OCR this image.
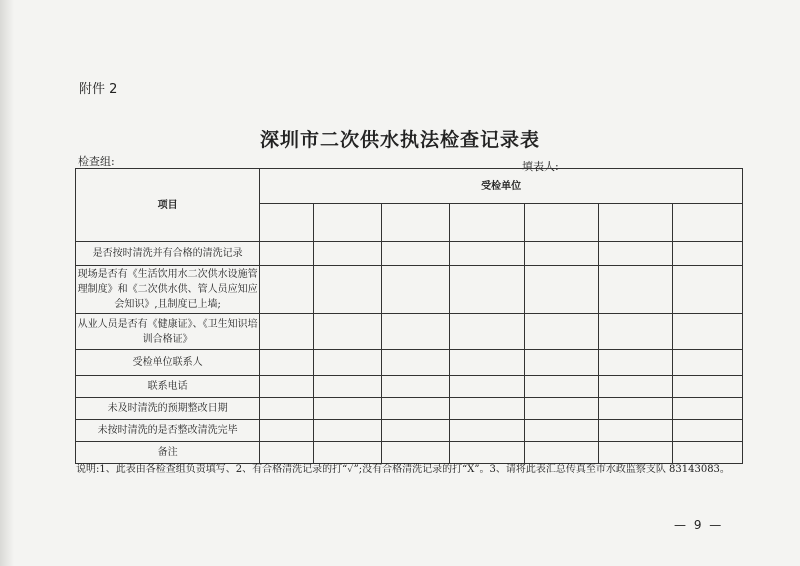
附件 2
深圳市二次供水执法检查记录表
检查组:	填表人:
项目	受检单位						

是否按时清洗并有合格的清洗记录							
现场是否有《生活饮用水二次供水设施管理制度》和《二次供水供、管人员应知应会知识》,且制度已上墙;							
从业人员是否有《健康证》、《卫生知识培训合格证》							
受检单位联系人							
联系电话							
未及时清洗的预期整改日期							
未按时清洗的是否整改清洗完毕							
备注							
说明:1、此表由各检查组负责填写、2、有合格清洗记录的打“✓”;没有合格清洗记录的打“X”。3、请将此表汇总传真至市水政监察支队 83143083。
— 9 —
